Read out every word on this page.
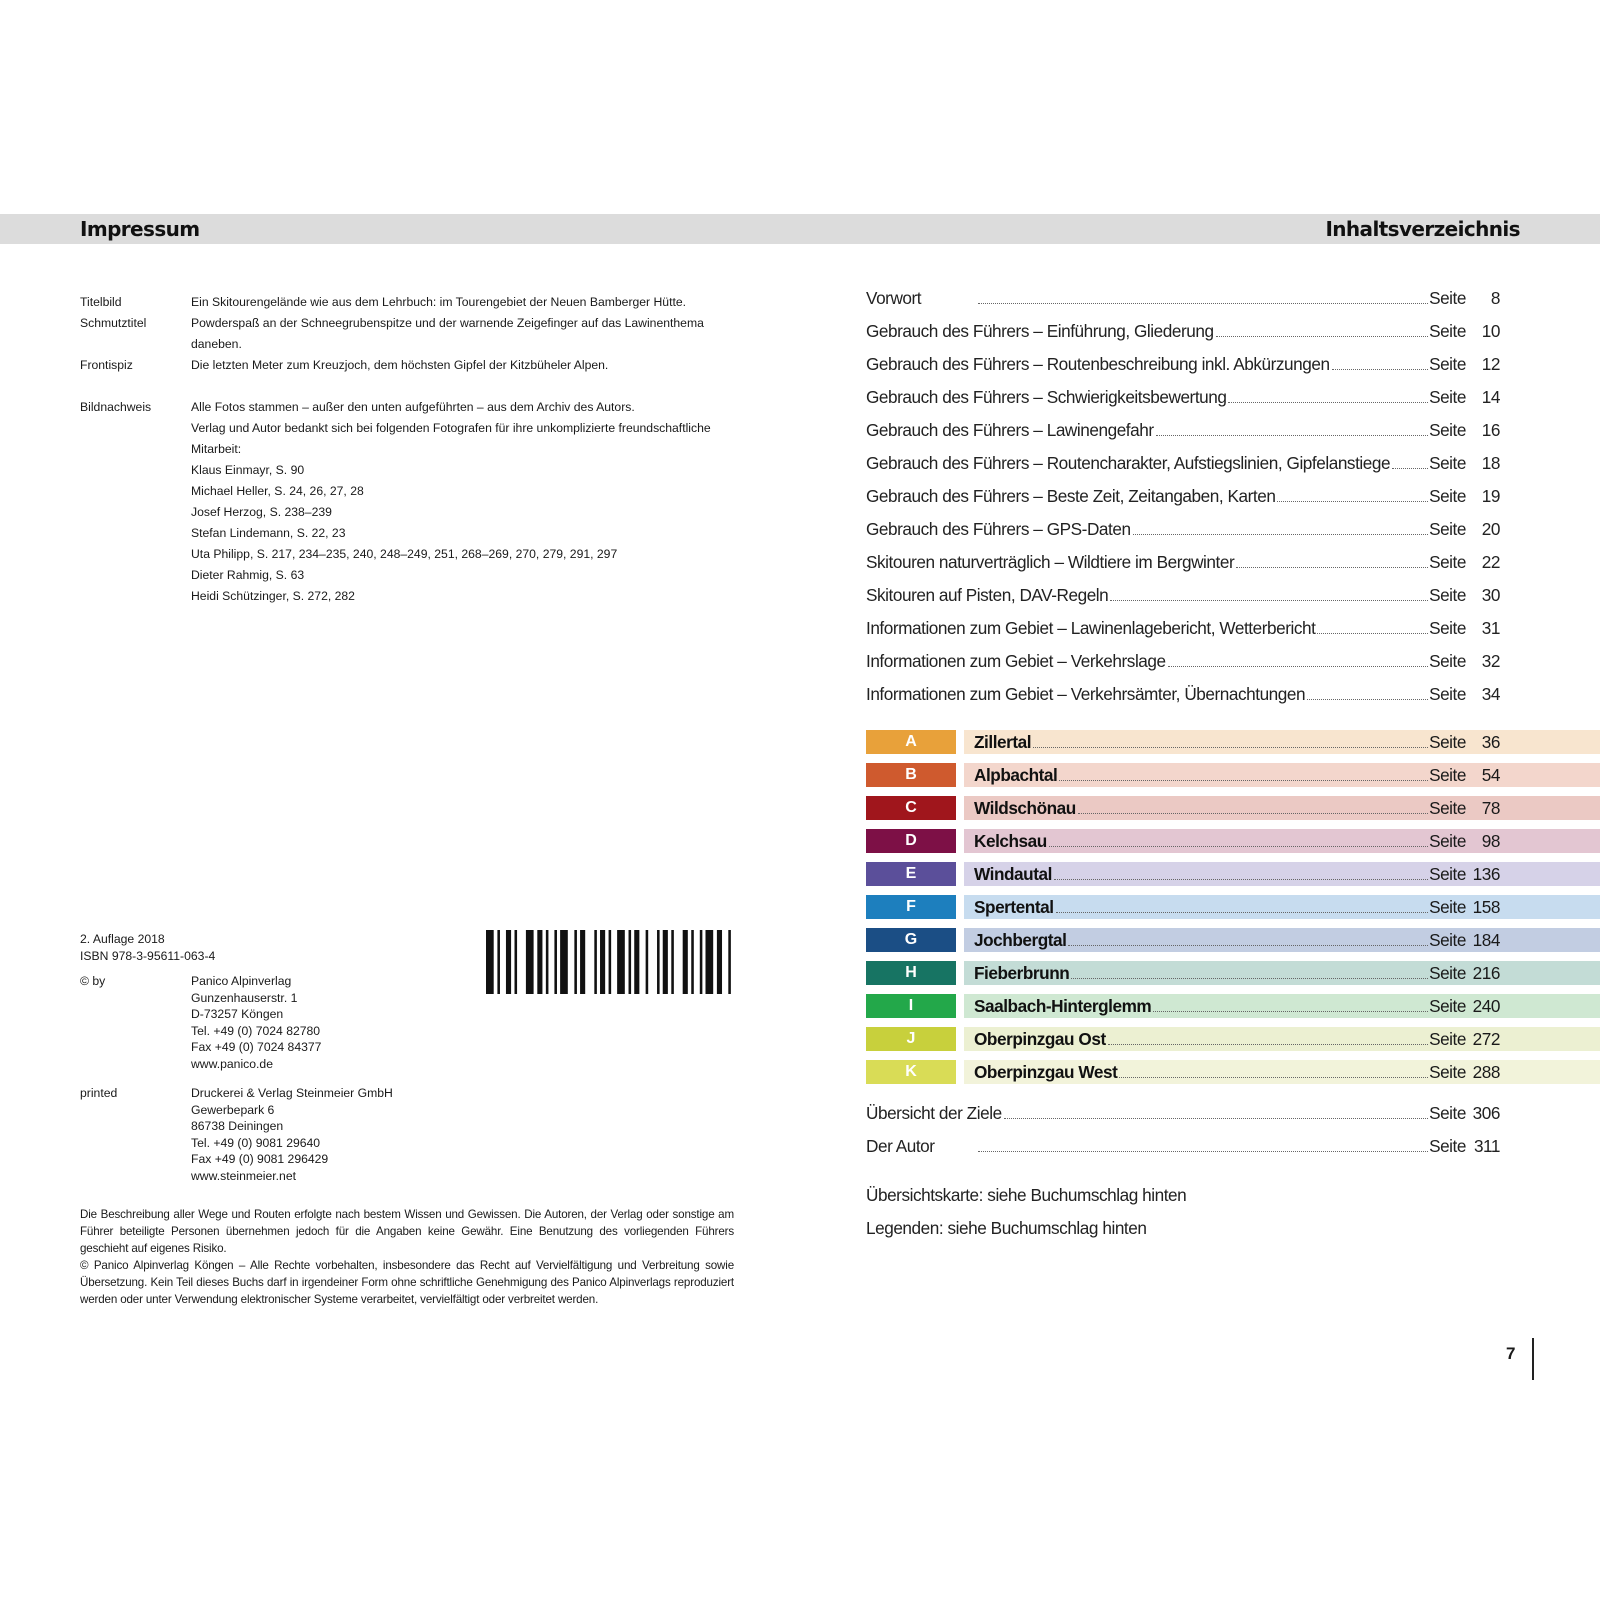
Impressum	Inhaltsverzeichnis
Titelbild	Ein Skitourengelände wie aus dem Lehrbuch: im Tourengebiet der Neuen Bamberger Hütte.
Schmutztitel	Powderspaß an der Schneegrubenspitze und der warnende Zeigefinger auf das Lawinenthema daneben.
Frontispiz	Die letzten Meter zum Kreuzjoch, dem höchsten Gipfel der Kitzbüheler Alpen.
Bildnachweis	Alle Fotos stammen – außer den unten aufgeführten – aus dem Archiv des Autors.
Verlag und Autor bedankt sich bei folgenden Fotografen für ihre unkomplizierte freundschaftliche Mitarbeit:
Klaus Einmayr, S. 90
Michael Heller, S. 24, 26, 27, 28
Josef Herzog, S. 238–239
Stefan Lindemann, S. 22, 23
Uta Philipp, S. 217, 234–235, 240, 248–249, 251, 268–269, 270, 279, 291, 297
Dieter Rahmig, S. 63
Heidi Schützinger, S. 272, 282
2. Auflage 2018
ISBN 978-3-95611-063-4
© by	Panico Alpinverlag
Gunzenhauserstr. 1
D-73257 Köngen
Tel. +49 (0) 7024 82780
Fax +49 (0) 7024 84377
www.panico.de
printed	Druckerei & Verlag Steinmeier GmbH
Gewerbepark 6
86738 Deiningen
Tel. +49 (0) 9081 29640
Fax +49 (0) 9081 296429
www.steinmeier.net

Die Beschreibung aller Wege und Routen erfolgte nach bestem Wissen und Gewissen. Die Autoren, der Verlag oder sonstige am Führer beteiligte Personen übernehmen jedoch für die Angaben keine Gewähr. Eine Benutzung des vorliegenden Führers geschieht auf eigenes Risiko.

© Panico Alpinverlag Köngen – Alle Rechte vorbehalten, insbesondere das Recht auf Vervielfältigung und Verbreitung sowie Übersetzung. Kein Teil dieses Buchs darf in irgendeiner Form ohne schriftliche Genehmigung des Panico Alpinverlags reproduziert werden oder unter Verwendung elektronischer Systeme verarbeitet, vervielfältigt oder verbreitet werden.

Vorwort	Seite	8
Gebrauch des Führers – Einführung, Gliederung	Seite 10
Gebrauch des Führers – Routenbeschreibung inkl. Abkürzungen	Seite 12
Gebrauch des Führers – Schwierigkeitsbewertung	Seite 14
Gebrauch des Führers – Lawinengefahr	Seite 16
Gebrauch des Führers – Routencharakter, Aufstiegslinien, Gipfelanstiege Seite 18
Gebrauch des Führers – Beste Zeit, Zeitangaben, Karten	Seite 19
Gebrauch des Führers – GPS-Daten	Seite 20
Skitouren naturverträglich – Wildtiere im Bergwinter	Seite 22
Skitouren auf Pisten, DAV-Regeln	Seite 30
Informationen zum Gebiet – Lawinenlagebericht, Wetterbericht	Seite 31
Informationen zum Gebiet – Verkehrslage	Seite 32
Informationen zum Gebiet – Verkehrsämter, Übernachtungen	Seite 34
A	Zillertal	Seite 36
B	Alpbachtal	Seite 54
C	Wildschönau	Seite 78
D	Kelchsau	Seite 98
E	Windautal	Seite 136
F	Spertental	Seite 158
G	Jochbergtal	Seite 184
H	Fieberbrunn	Seite 216
I	Saalbach-Hinterglemm	Seite 240
J	Oberpinzgau Ost	Seite 272
K	Oberpinzgau West	Seite 288
Übersicht der Ziele	Seite 306
Der Autor	Seite 311
Übersichtskarte: siehe Buchumschlag hinten
Legenden: siehe Buchumschlag hinten
7
